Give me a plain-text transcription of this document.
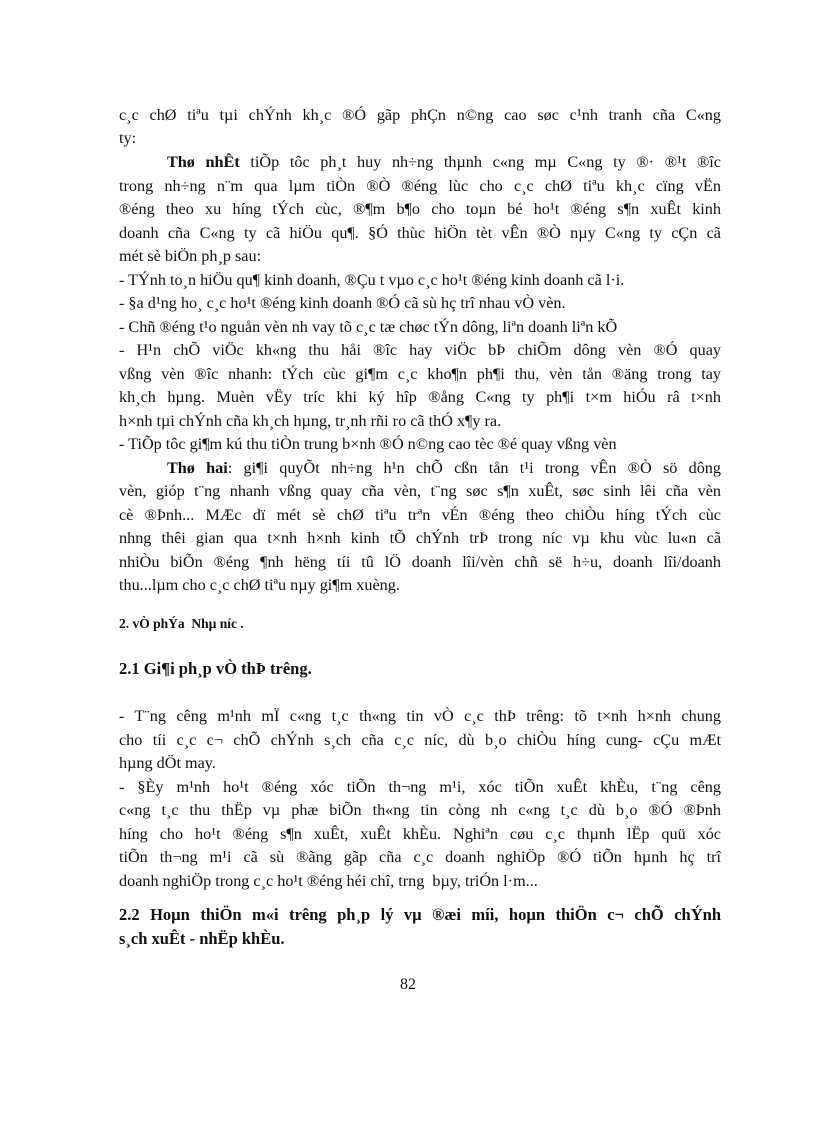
c¸c chØ tiªu tµi chÝnh kh¸c ®Ó gãp phÇn n©ng cao søc c¹nh tranh cña C«ng
ty:
Thø nhÊt tiÕp tôc ph¸t huy nh÷ng thµnh c«ng mµ C«ng ty ®· ®¹t ®îc
trong nh÷ng n¨m qua lµm tiÒn ®Ò ®éng lùc cho c¸c chØ tiªu kh¸c cïng vËn
®éng theo xu híng tÝch cùc, ®¶m b¶o cho toµn bé ho¹t ®éng s¶n xuÊt kinh
doanh cña C«ng ty cã hiÖu qu¶. §Ó thùc hiÖn tèt vÊn ®Ò nµy C«ng ty cÇn cã
mét sè biÖn ph¸p sau:
- TÝnh to¸n hiÖu qu¶ kinh doanh, ®Çu t vµo c¸c ho¹t ®éng kinh doanh cã l·i.
- §a d¹ng ho¸ c¸c ho¹t ®éng kinh doanh ®Ó cã sù hç trî nhau vÒ vèn.
- Chñ ®éng t¹o nguån vèn nh vay tõ c¸c tæ chøc tÝn dông, liªn doanh liªn kÕ
- H¹n chÕ viÖc kh«ng thu håi ®îc hay viÖc bÞ chiÕm dông vèn ®Ó quay
vßng vèn ®îc nhanh: tÝch cùc gi¶m c¸c kho¶n ph¶i thu, vèn tån ®äng trong tay
kh¸ch hµng. Muèn vËy tríc khi ký hîp ®ång C«ng ty ph¶i t×m hiÓu râ t×nh
h×nh tµi chÝnh cña kh¸ch hµng, tr¸nh rñi ro cã thÓ x¶y ra.
- TiÕp tôc gi¶m kú thu tiÒn trung b×nh ®Ó n©ng cao tèc ®é quay vßng vèn
Thø hai: gi¶i quyÕt nh÷ng h¹n chÕ cßn tån t¹i trong vÊn ®Ò sö dông
vèn, gióp t¨ng nhanh vßng quay cña vèn, t¨ng søc s¶n xuÊt, søc sinh lêi cña vèn
cè ®Þnh... MÆc dï mét sè chØ tiªu trªn vÉn ®éng theo chiÒu híng tÝch cùc
nhng thêi gian qua t×nh h×nh kinh tÕ chÝnh trÞ trong níc vµ khu vùc lu«n cã
nhiÒu biÕn ®éng ¶nh hëng tíi tû lÖ doanh lîi/vèn chñ së h÷u, doanh lîi/doanh
thu...lµm cho c¸c chØ tiªu nµy gi¶m xuèng.
2. vÒ phÝa  Nhµ níc .
2.1 Gi¶i ph¸p vÒ thÞ trêng.
- T¨ng cêng m¹nh mÏ c«ng t¸c th«ng tin vÒ c¸c thÞ trêng: tõ t×nh h×nh chung
cho tíi c¸c c¬ chÕ chÝnh s¸ch cña c¸c níc, dù b¸o chiÒu híng cung- cÇu mÆt
hµng dÖt may.
- §Èy m¹nh ho¹t ®éng xóc tiÕn th¬ng m¹i, xóc tiÕn xuÊt khÈu, t¨ng cêng
c«ng t¸c thu thËp vµ phæ biÕn th«ng tin còng nh c«ng t¸c dù b¸o ®Ó ®Þnh
híng cho ho¹t ®éng s¶n xuÊt, xuÊt khÈu. Nghiªn cøu c¸c thµnh lËp quü xóc
tiÕn th¬ng m¹i cã sù ®ãng gãp cña c¸c doanh nghiÖp ®Ó tiÕn hµnh hç trî
doanh nghiÖp trong c¸c ho¹t ®éng héi chî, trng  bµy, triÓn l·m...
2.2 Hoµn thiÖn m«i trêng ph¸p lý vµ ®æi míi, hoµn thiÖn c¬ chÕ chÝnh
s¸ch xuÊt - nhËp khÈu.
82
